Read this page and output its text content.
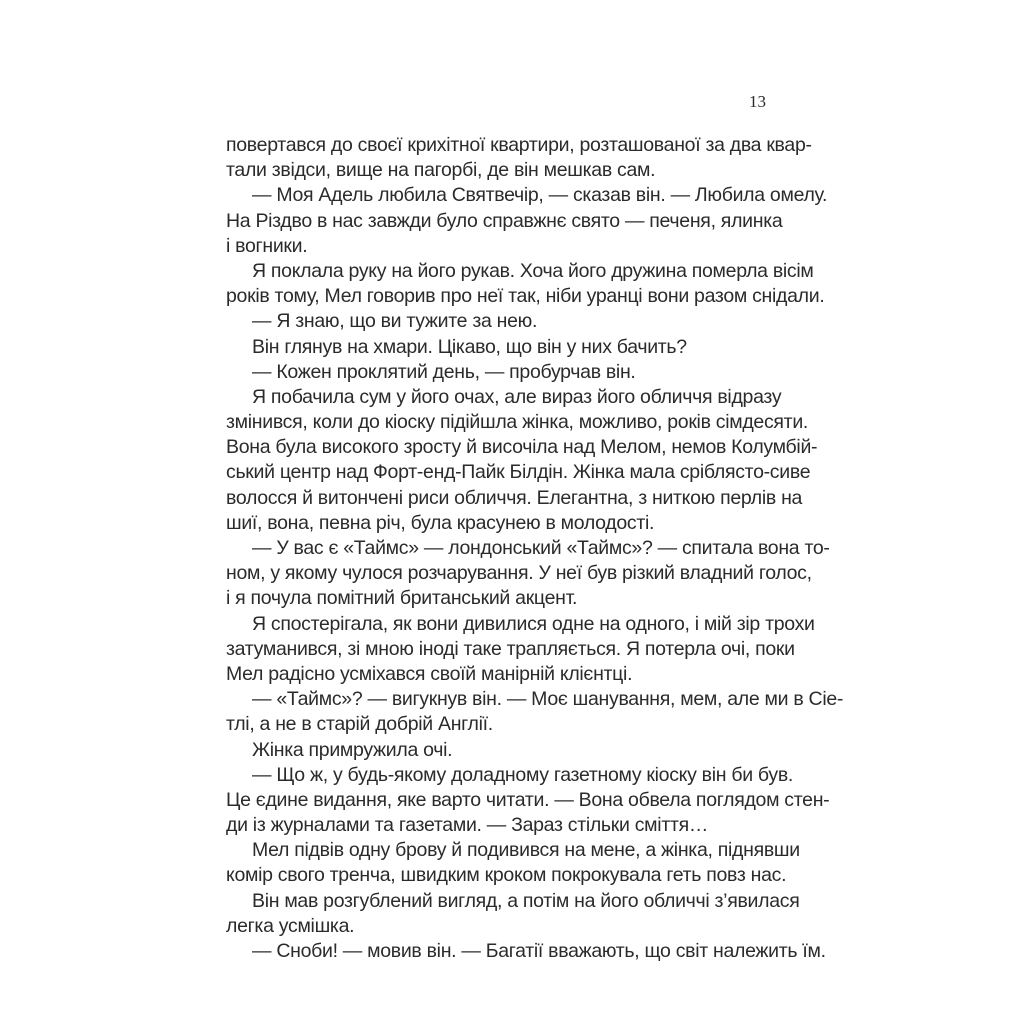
13
повертався до своєї крихітної квартири, розташованої за два квар-
тали звідси, вище на пагорбі, де він мешкав сам.
— Моя Адель любила Святвечір, — сказав він. — Любила омелу.
На Різдво в нас завжди було справжнє свято — печеня, ялинка
і вогники.
Я поклала руку на його рукав. Хоча його дружина померла вісім
років тому, Мел говорив про неї так, ніби уранці вони разом снідали.
— Я знаю, що ви тужите за нею.
Він глянув на хмари. Цікаво, що він у них бачить?
— Кожен проклятий день, — пробурчав він.
Я побачила сум у його очах, але вираз його обличчя відразу
змінився, коли до кіоску підійшла жінка, можливо, років сімдесяти.
Вона була високого зросту й височіла над Мелом, немов Колумбій-
ський центр над Форт-енд-Пайк Білдін. Жінка мала сріблясто-сиве
волосся й витончені риси обличчя. Елегантна, з ниткою перлів на
шиї, вона, певна річ, була красунею в молодості.
— У вас є «Таймс» — лондонський «Таймс»? — спитала вона то-
ном, у якому чулося розчарування. У неї був різкий владний голос,
і я почула помітний британський акцент.
Я спостерігала, як вони дивилися одне на одного, і мій зір трохи
затуманився, зі мною іноді таке трапляється. Я потерла очі, поки
Мел радісно усміхався своїй манірній клієнтці.
— «Таймс»? — вигукнув він. — Моє шанування, мем, але ми в Сіе-
тлі, а не в старій добрій Англії.
Жінка примружила очі.
— Що ж, у будь-якому доладному газетному кіоску він би був.
Це єдине видання, яке варто читати. — Вона обвела поглядом стен-
ди із журналами та газетами. — Зараз стільки сміття…
Мел підвів одну брову й подивився на мене, а жінка, піднявши
комір свого тренча, швидким кроком покрокувала геть повз нас.
Він мав розгублений вигляд, а потім на його обличчі з’явилася
легка усмішка.
— Сноби! — мовив він. — Багатії вважають, що світ належить їм.
